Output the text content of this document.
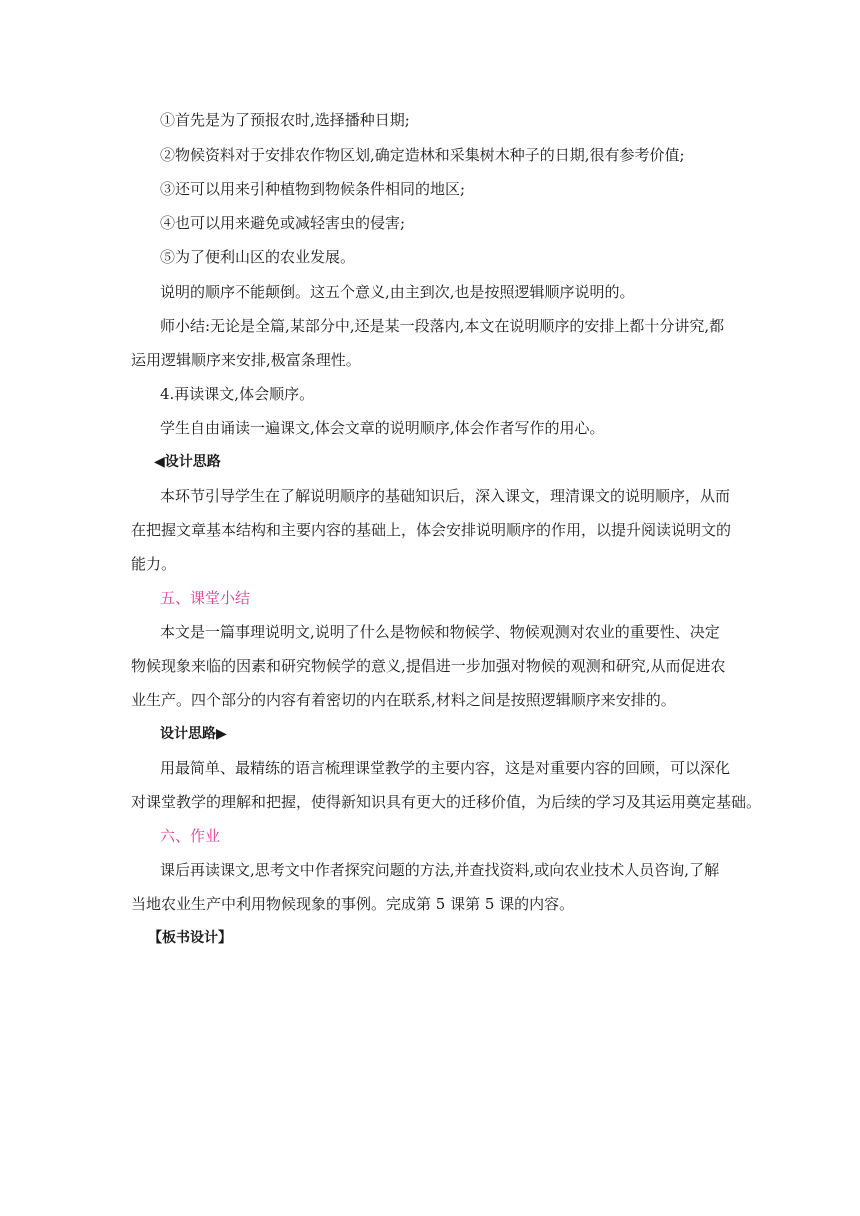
①首先是为了预报农时,选择播种日期;
②物候资料对于安排农作物区划,确定造林和采集树木种子的日期,很有参考价值;
③还可以用来引种植物到物候条件相同的地区;
④也可以用来避免或减轻害虫的侵害;
⑤为了便利山区的农业发展。
说明的顺序不能颠倒。这五个意义,由主到次,也是按照逻辑顺序说明的。
师小结:无论是全篇,某部分中,还是某一段落内,本文在说明顺序的安排上都十分讲究,都
运用逻辑顺序来安排,极富条理性。
4.再读课文,体会顺序。
学生自由诵读一遍课文,体会文章的说明顺序,体会作者写作的用心。
◀设计思路
本环节引导学生在了解说明顺序的基础知识后，深入课文，理清课文的说明顺序，从而
在把握文章基本结构和主要内容的基础上，体会安排说明顺序的作用，以提升阅读说明文的
能力。
五、课堂小结
本文是一篇事理说明文,说明了什么是物候和物候学、物候观测对农业的重要性、决定
物候现象来临的因素和研究物候学的意义,提倡进一步加强对物候的观测和研究,从而促进农
业生产。四个部分的内容有着密切的内在联系,材料之间是按照逻辑顺序来安排的。
设计思路▶
用最简单、最精练的语言梳理课堂教学的主要内容，这是对重要内容的回顾，可以深化
对课堂教学的理解和把握，使得新知识具有更大的迁移价值，为后续的学习及其运用奠定基础。
六、作业
课后再读课文,思考文中作者探究问题的方法,并查找资料,或向农业技术人员咨询,了解
当地农业生产中利用物候现象的事例。完成第 5 课第 5 课的内容。
【板书设计】
